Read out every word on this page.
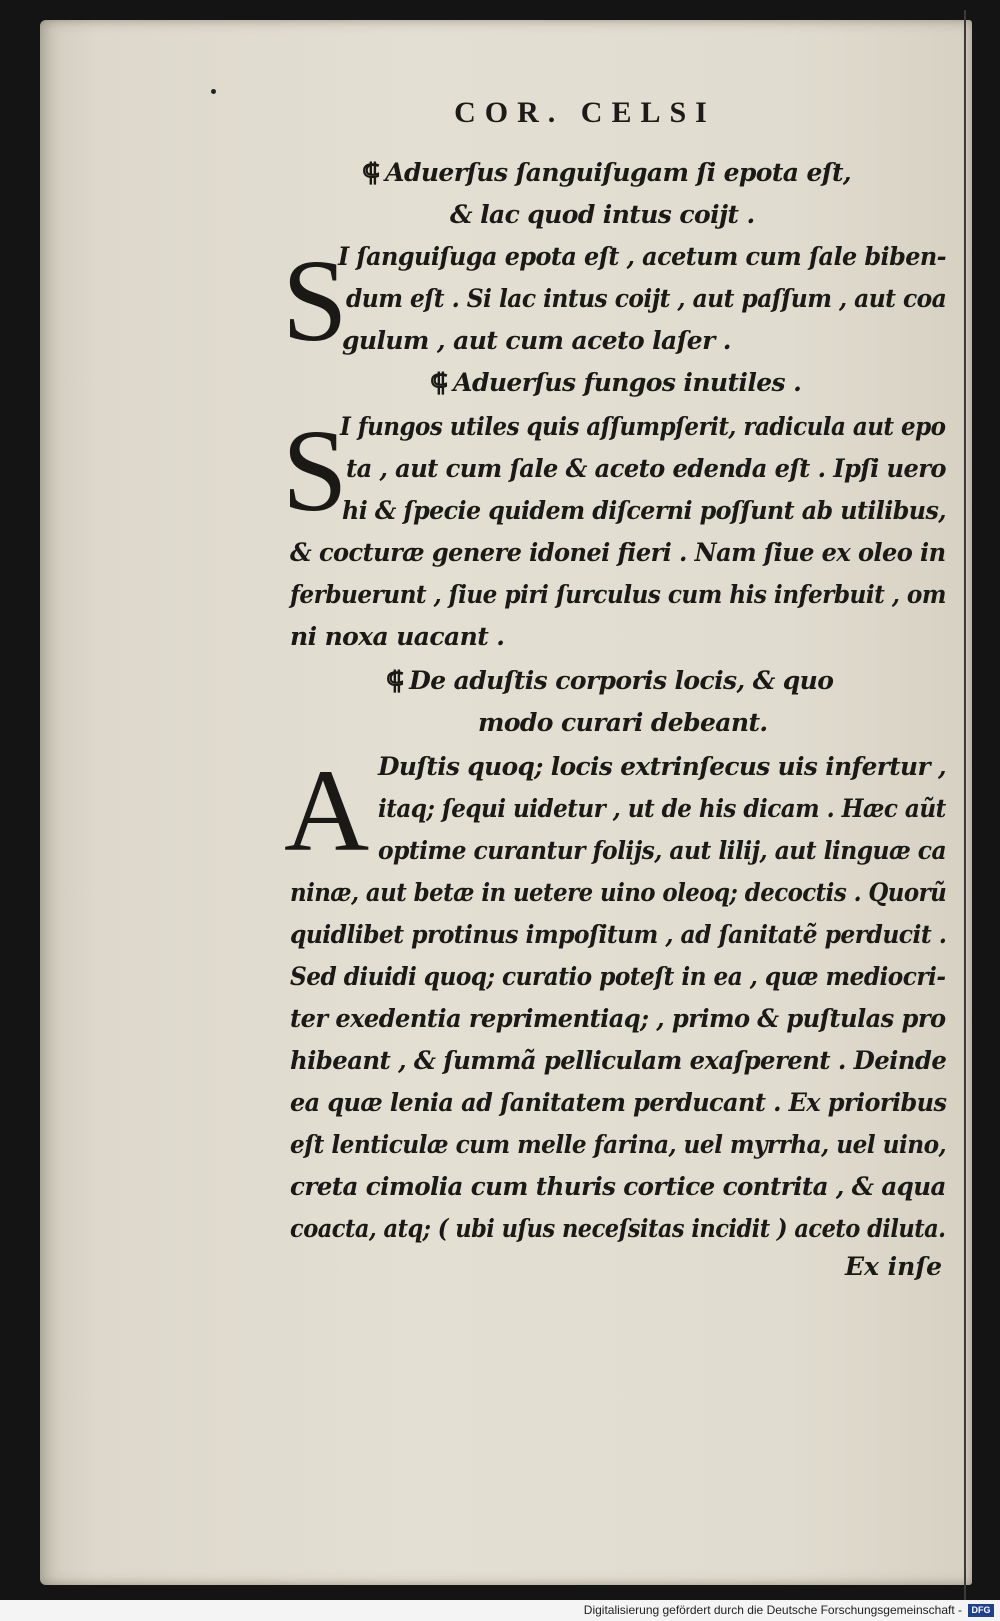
COR. CELSI
⸿ Aduerſus ſanguiſugam ſi epota eſt,
& lac quod intus coijt .
S
I ſanguiſuga epota eſt , acetum cum ſale biben-
dum eſt . Si lac intus coijt , aut paſſum , aut coa
gulum , aut cum aceto laſer .
⸿ Aduerſus fungos inutiles .
S
I fungos utiles quis aſſumpſerit, radicula aut epo
ta , aut cum ſale & aceto edenda eſt . Ipſi uero
hi & ſpecie quidem diſcerni poſſunt ab utilibus,
& cocturæ genere idonei fieri . Nam ſiue ex oleo in
ferbuerunt , ſiue piri ſurculus cum his inferbuit , om
ni noxa uacant .
⸿ De aduſtis corporis locis, & quo
modo curari debeant.
A Duſtis quoq; locis extrinſecus uis infertur ,
itaq; ſequi uidetur , ut de his dicam . Hæc aũt
optime curantur folijs, aut lilij, aut linguæ ca
ninæ, aut betæ in uetere uino oleoq; decoctis . Quorũ
quidlibet protinus impoſitum , ad ſanitatẽ perducit .
Sed diuidi quoq; curatio poteſt in ea , quæ mediocri-
ter exedentia reprimentiaq; , primo & puſtulas pro
hibeant , & ſummã pelliculam exaſperent . Deinde
ea quæ lenia ad ſanitatem perducant . Ex prioribus
eſt lenticulæ cum melle farina, uel myrrha, uel uino,
creta cimolia cum thuris cortice contrita , & aqua
coacta, atq; ( ubi uſus neceſsitas incidit ) aceto diluta.
Ex inſe
Digitalisierung gefördert durch die Deutsche Forschungsgemeinschaft -	DFG
